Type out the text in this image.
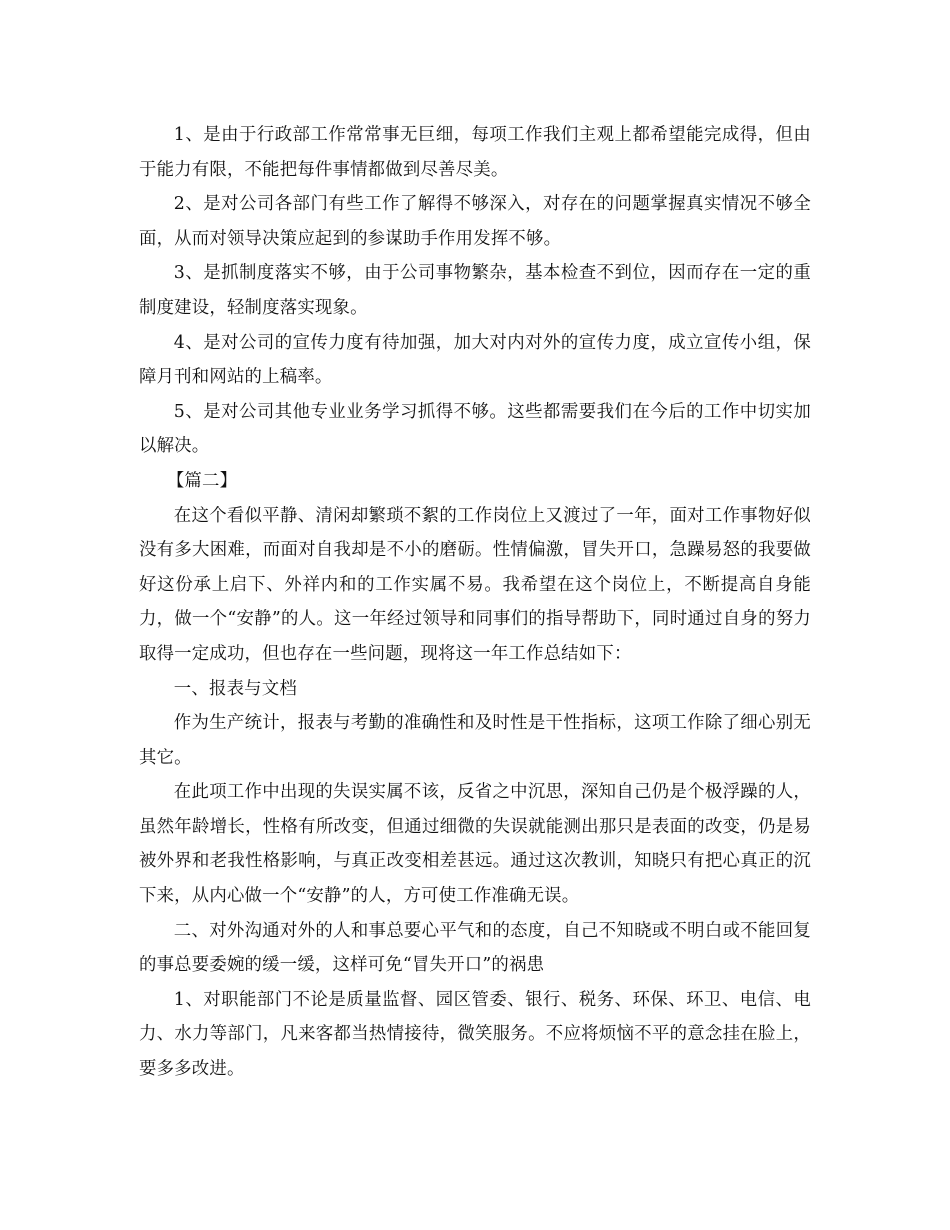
1、是由于行政部工作常常事无巨细，每项工作我们主观上都希望能完成得，但由于能力有限，不能把每件事情都做到尽善尽美。

2、是对公司各部门有些工作了解得不够深入，对存在的问题掌握真实情况不够全面，从而对领导决策应起到的参谋助手作用发挥不够。

3、是抓制度落实不够，由于公司事物繁杂，基本检查不到位，因而存在一定的重制度建设，轻制度落实现象。

4、是对公司的宣传力度有待加强，加大对内对外的宣传力度，成立宣传小组，保障月刊和网站的上稿率。

5、是对公司其他专业业务学习抓得不够。这些都需要我们在今后的工作中切实加以解决。

【篇二】

在这个看似平静、清闲却繁琐不絮的工作岗位上又渡过了一年，面对工作事物好似没有多大困难，而面对自我却是不小的磨砺。性情偏激，冒失开口，急躁易怒的我要做好这份承上启下、外祥内和的工作实属不易。我希望在这个岗位上，不断提高自身能力，做一个“安静”的人。这一年经过领导和同事们的指导帮助下，同时通过自身的努力取得一定成功，但也存在一些问题，现将这一年工作总结如下：

一、报表与文档

作为生产统计，报表与考勤的准确性和及时性是干性指标，这项工作除了细心别无其它。

在此项工作中出现的失误实属不该，反省之中沉思，深知自己仍是个极浮躁的人，虽然年龄增长，性格有所改变，但通过细微的失误就能测出那只是表面的改变，仍是易被外界和老我性格影响，与真正改变相差甚远。通过这次教训，知晓只有把心真正的沉下来，从内心做一个“安静”的人，方可使工作准确无误。

二、对外沟通对外的人和事总要心平气和的态度，自己不知晓或不明白或不能回复的事总要委婉的缓一缓，这样可免“冒失开口”的祸患

1、对职能部门不论是质量监督、园区管委、银行、税务、环保、环卫、电信、电力、水力等部门，凡来客都当热情接待，微笑服务。不应将烦恼不平的意念挂在脸上，要多多改进。
